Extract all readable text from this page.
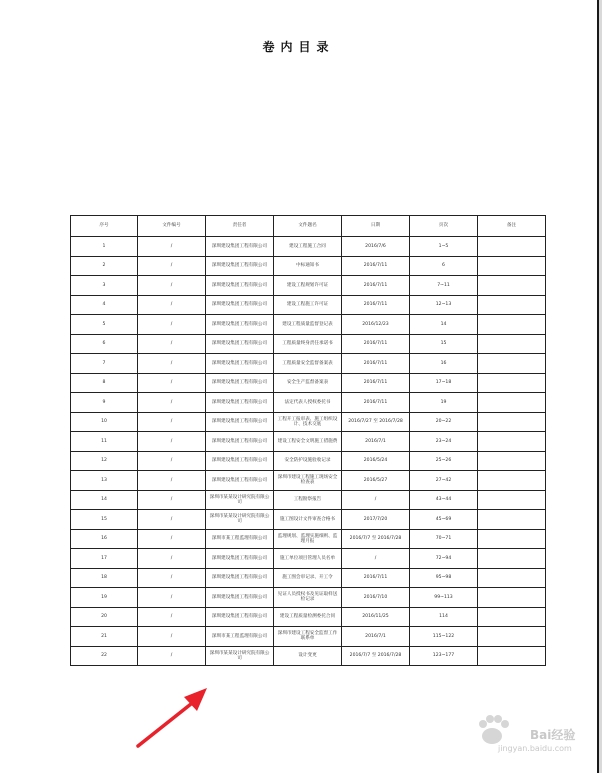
卷内目录
序号	文件编号	责任者	文件题名	日期	页次	备注
1	/	深圳建设集团工程有限公司	建设工程施工合同	2016/7/6	1~5	
2	/	深圳建设集团工程有限公司	中标通知书	2016/7/11	6	
3	/	深圳建设集团工程有限公司	建设工程规划许可证	2016/7/11	7~11	
4	/	深圳建设集团工程有限公司	建设工程施工许可证	2016/7/11	12~13	
5	/	深圳建设集团工程有限公司	建设工程质量监督登记表	2016/12/23	14	
6	/	深圳建设集团工程有限公司	工程质量终身责任承诺书	2016/7/11	15	
7	/	深圳建设集团工程有限公司	工程质量安全监督备案表	2016/7/11	16	
8	/	深圳建设集团工程有限公司	安全生产监督备案表	2016/7/11	17~18	
9	/	深圳建设集团工程有限公司	法定代表人授权委托书	2016/7/11	19	
10	/	深圳建设集团工程有限公司	工程开工报审表、施工组织设计、技术交底	2016/7/27 至 2016/7/28	20~22	
11	/	深圳建设集团工程有限公司	建设工程安全文明施工措施费	2016/7/1	23~24	
12	/	深圳建设集团工程有限公司	安全防护设施验收记录	2016/5/24	25~26	
13	/	深圳建设集团工程有限公司	深圳市建设工程施工现场安全检查表	2016/5/27	27~42	
14	/	深圳市某某设计研究院有限公司	工程勘察报告	/	43~44	
15	/	深圳市某某设计研究院有限公司	施工图设计文件审查合格书	2017/7/20	45~69	
16	/	深圳市某工程监理有限公司	监理规划、监理实施细则、监理月报	2016/7/7 至 2016/7/28	70~71	
17	/	深圳建设集团工程有限公司	施工单位项目管理人员名单	/	72~94	
18	/	深圳建设集团工程有限公司	施工图会审记录、开工令	2016/7/11	95~98	
19	/	深圳建设集团工程有限公司	见证人员授权书及见证取样送检记录	2016/7/10	99~113	
20	/	深圳建设集团工程有限公司	建设工程质量检测委托合同	2016/11/25	114	
21	/	深圳市某工程监理有限公司	深圳市建设工程安全监督工作联系单	2016/7/1	115~122	
22	/	深圳市某某设计研究院有限公司	设计变更	2016/7/7 至 2016/7/28	123~177	
Bai经验
jingyan.baidu.com
